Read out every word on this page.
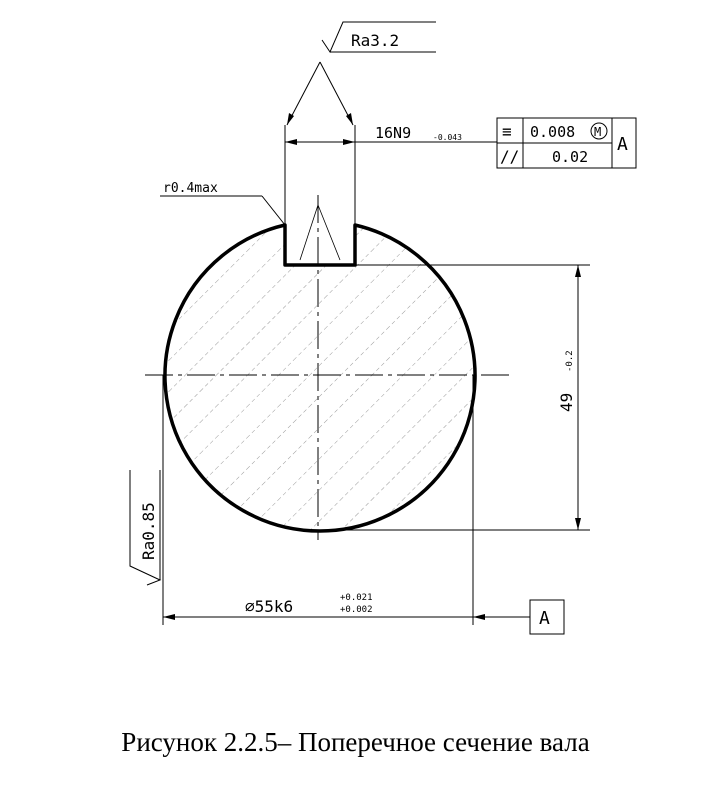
16N9	-0.043
Ra3.2
≡ 0.008 M
// 0.02
A
r0.4max
49
-0.2
⌀55k6	+0.021
+0.002	A
Ra0.85
Рисунок 2.2.5– Поперечное сечение вала
